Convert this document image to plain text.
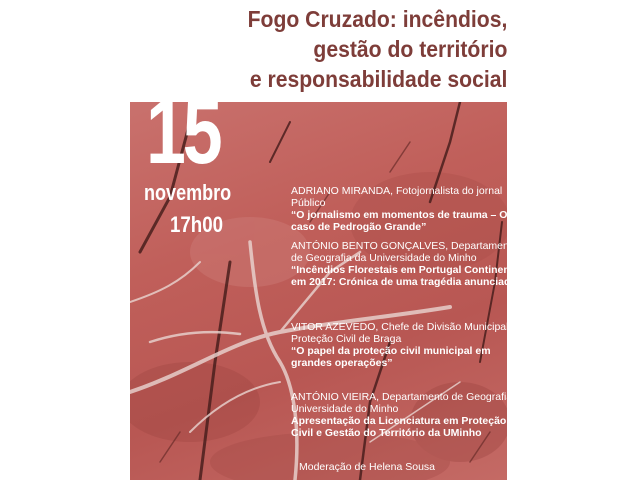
Fogo Cruzado: incêndios,
gestão do território
e responsabilidade social
15
novembro
17h00
ADRIANO MIRANDA, Fotojornalista do jornal Público
“O jornalismo em momentos de trauma – O caso de Pedrogão Grande”
ANTÓNIO BENTO GONÇALVES, Departamento de Geografia da Universidade do Minho
“Incêndios Florestais em Portugal Continental em 2017: Crónica de uma tragédia anunciada”
VITOR AZEVEDO, Chefe de Divisão Municipal da Proteção Civil de Braga
“O papel da proteção civil municipal em grandes operações”
ANTÓNIO VIEIRA, Departamento de Geografia da Universidade do Minho
Apresentação da Licenciatura em Proteção Civil e Gestão do Território da UMinho
Moderação de Helena Sousa
